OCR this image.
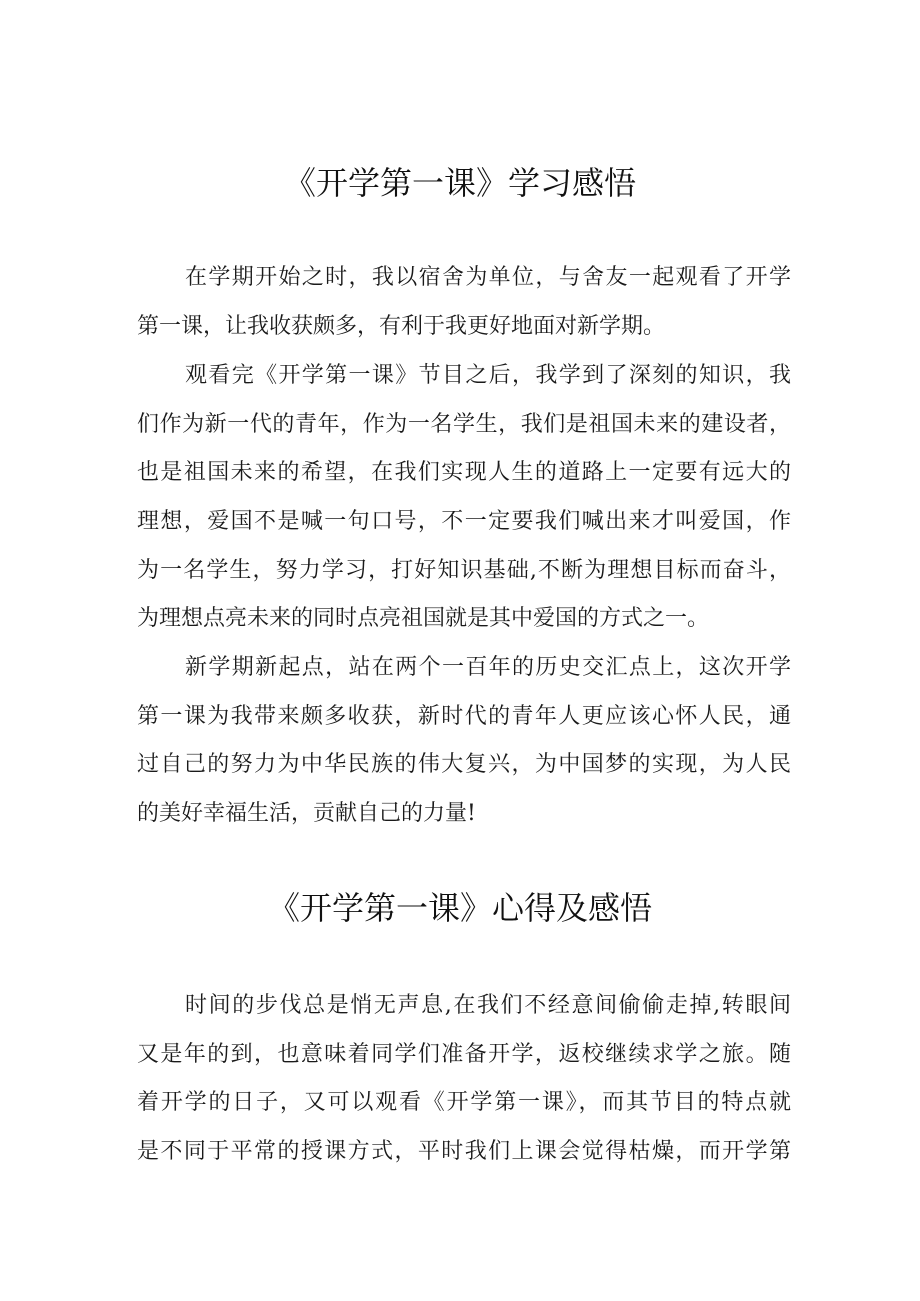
《开学第一课》学习感悟
在学期开始之时，我以宿舍为单位，与舍友一起观看了开学
第一课，让我收获颇多，有利于我更好地面对新学期。
观看完《开学第一课》节目之后，我学到了深刻的知识，我
们作为新一代的青年，作为一名学生，我们是祖国未来的建设者，
也是祖国未来的希望，在我们实现人生的道路上一定要有远大的
理想，爱国不是喊一句口号，不一定要我们喊出来才叫爱国，作
为一名学生，努力学习，打好知识基础,不断为理想目标而奋斗，
为理想点亮未来的同时点亮祖国就是其中爱国的方式之一。
新学期新起点，站在两个一百年的历史交汇点上，这次开学
第一课为我带来颇多收获，新时代的青年人更应该心怀人民，通
过自己的努力为中华民族的伟大复兴，为中国梦的实现，为人民
的美好幸福生活，贡献自己的力量!
《开学第一课》心得及感悟
时间的步伐总是悄无声息,在我们不经意间偷偷走掉,转眼间
又是年的到，也意味着同学们准备开学，返校继续求学之旅。随
着开学的日子，又可以观看《开学第一课》，而其节目的特点就
是不同于平常的授课方式，平时我们上课会觉得枯燥，而开学第
